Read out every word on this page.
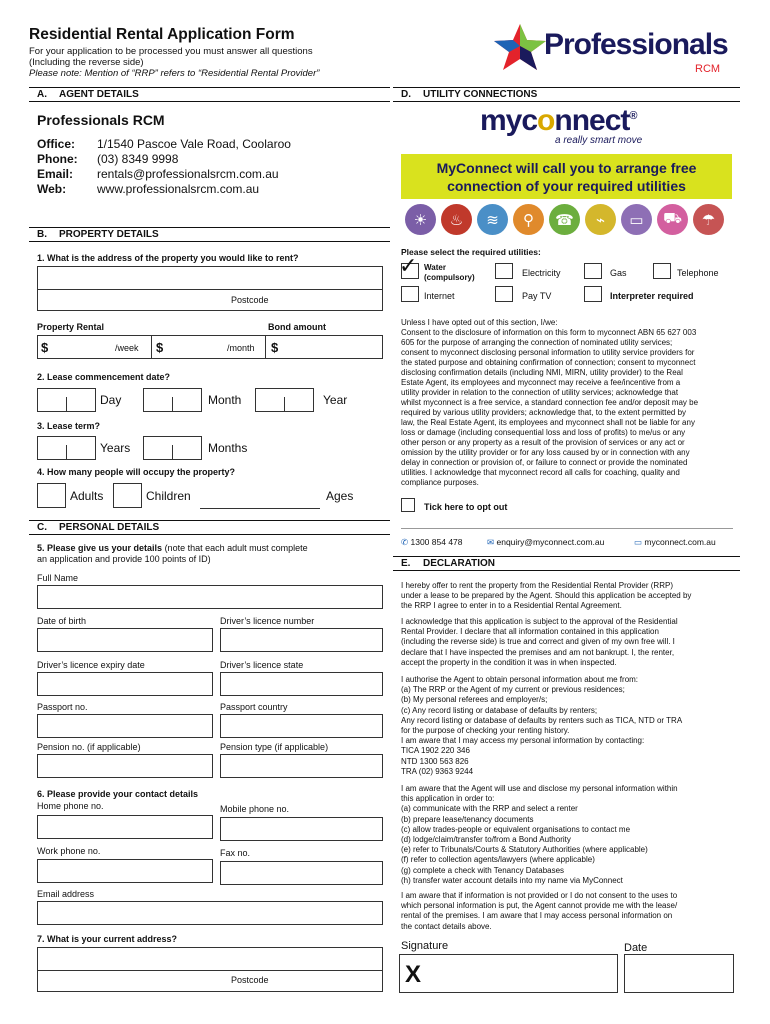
Residential Rental Application Form
For your application to be processed you must answer all questions
(Including the reverse side)
Please note: Mention of “RRP” refers to “Residential Rental Provider”
Professionals
RCM
A.	AGENT DETAILS
Professionals RCM
Office: 1/1540 Pascoe Vale Road, Coolaroo
Phone: (03) 8349 9998
Email: rentals@professionalsrcm.com.au
Web:	www.professionalsrcm.com.au
B.	PROPERTY DETAILS
1. What is the address of the property you would like to rent?
Postcode
Property Rental	Bond amount
$	/week $	/month $
2. Lease commencement date?
Day	Month	Year
3. Lease term?
Years	Months
4. How many people will occupy the property?
Adults	Children	Ages
C.	PERSONAL DETAILS
5. Please give us your details (note that each adult must complete
an application and provide 100 points of ID)
Full Name
Date of birth	Driver’s licence number
Driver’s licence expiry date	Driver’s licence state
Passport no.	Passport country
Pension no. (if applicable)	Pension type (if applicable)
6. Please provide your contact details
Home phone no.	Mobile phone no.
Work phone no.	Fax no.
Email address
7. What is your current address?
Postcode
D.	UTILITY CONNECTIONS
myconnect®
a really smart move
MyConnect will call you to arrange free
connection of your required utilities
☀	♨	≋	⚲	☎	⌁	▭	⛟	☂
Please select the required utilities:
✓ Water
(compulsory)	Electricity	Gas	Telephone
Internet	Pay TV	Interpreter required
Unless I have opted out of this section, I/we:
Consent to the disclosure of information on this form to myconnect ABN 65 627 003
605 for the purpose of arranging the connection of nominated utility services;
consent to myconnect disclosing personal information to utility service providers for
the stated purpose and obtaining confirmation of connection; consent to myconnect
disclosing confirmation details (including NMI, MIRN, utility provider) to the Real
Estate Agent, its employees and myconnect may receive a fee/incentive from a
utility provider in relation to the connection of utility services; acknowledge that
whilst myconnect is a free service, a standard connection fee and/or deposit may be
required by various utility providers; acknowledge that, to the extent permitted by
law, the Real Estate Agent, its employees and myconnect shall not be liable for any
loss or damage (including consequential loss and loss of profits) to me/us or any
other person or any property as a result of the provision of services or any act or
omission by the utility provider or for any loss caused by or in connection with any
delay in connection or provision of, or failure to connect or provide the nominated
utilities. I acknowledge that myconnect record all calls for coaching, quality and
compliance purposes.
Tick here to opt out
✆ 1300 854 478	✉ enquiry@myconnect.com.au	▭ myconnect.com.au
E.	DECLARATION
I hereby offer to rent the property from the Residential Rental Provider (RRP)
under a lease to be prepared by the Agent. Should this application be accepted by
the RRP I agree to enter in to a Residential Rental Agreement.
I acknowledge that this application is subject to the approval of the Residential
Rental Provider. I declare that all information contained in this application
(including the reverse side) is true and correct and given of my own free will. I
declare that I have inspected the premises and am not bankrupt. I, the renter,
accept the property in the condition it was in when inspected.
I authorise the Agent to obtain personal information about me from:
(a) The RRP or the Agent of my current or previous residences;
(b) My personal referees and employer/s;
(c) Any record listing or database of defaults by renters;
Any record listing or database of defaults by renters such as TICA, NTD or TRA
for the purpose of checking your renting history.
I am aware that I may access my personal information by contacting:
TICA 1902 220 346
NTD 1300 563 826
TRA (02) 9363 9244
I am aware that the Agent will use and disclose my personal information within
this application in order to:
(a) communicate with the RRP and select a renter
(b) prepare lease/tenancy documents
(c) allow trades-people or equivalent organisations to contact me
(d) lodge/claim/transfer to/from a Bond Authority
(e) refer to Tribunals/Courts & Statutory Authorities (where applicable)
(f) refer to collection agents/lawyers (where applicable)
(g) complete a check with Tenancy Databases
(h) transfer water account details into my name via MyConnect
I am aware that if information is not provided or I do not consent to the uses to
which personal information is put, the Agent cannot provide me with the lease/
rental of the premises. I am aware that I may access personal information on
the contact details above.
Signature	Date
X
